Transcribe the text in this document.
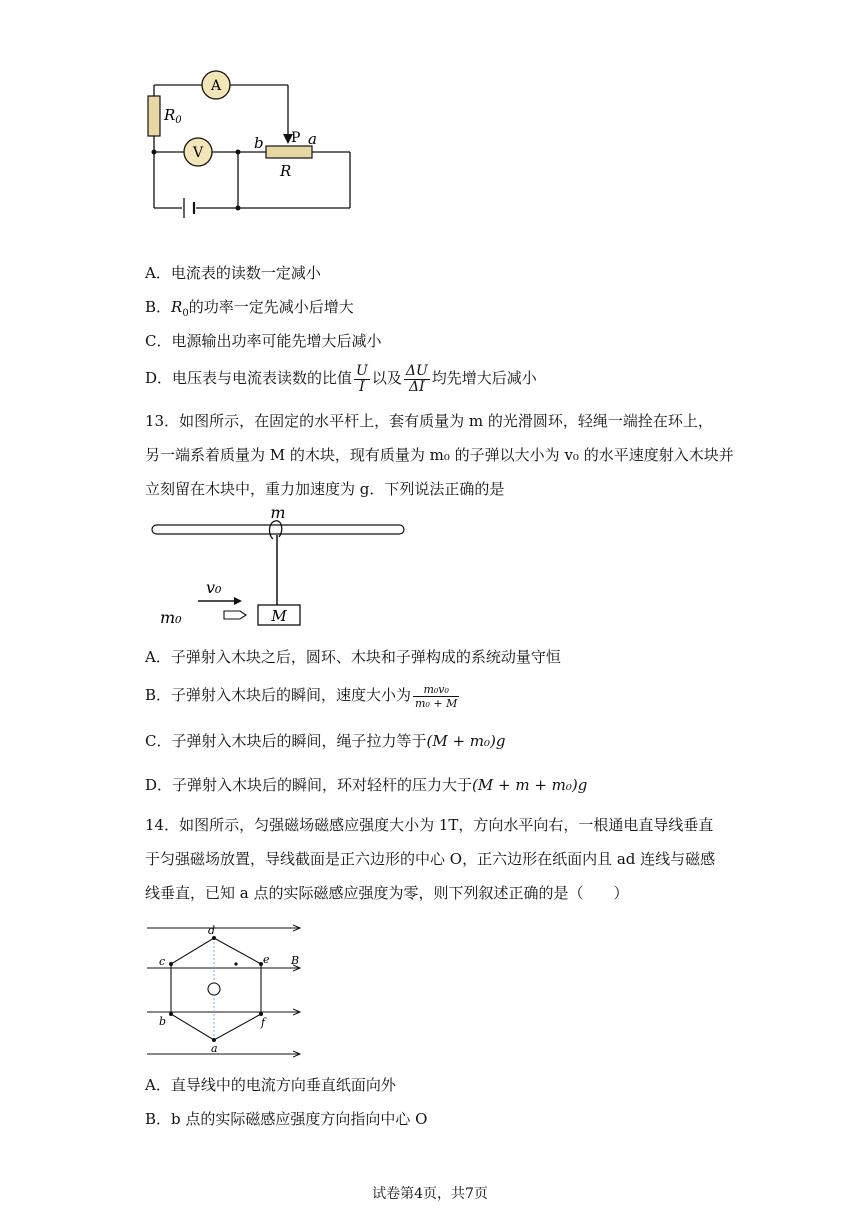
A
V
$R_0$
P
b	a
R
A．电流表的读数一定减小
B．$R_0$的功率一定先减小后增大
C．电源输出功率可能先增大后减小
D．电压表与电流表读数的比值 $\frac{U}{I}$ 以及 $\frac{\Delta U}{\Delta I}$ 均先增大后减小
13．如图所示，在固定的水平杆上，套有质量为 m 的光滑圆环，轻绳一端拴在环上，
另一端系着质量为 M 的木块，现有质量为 m₀ 的子弹以大小为 v₀ 的水平速度射入木块并
立刻留在木块中，重力加速度为 g．下列说法正确的是
M
m
v₀
m₀
A．子弹射入木块之后，圆环、木块和子弹构成的系统动量守恒
B．子弹射入木块后的瞬间，速度大小为 $\frac{\text{m₀v₀}}{\text{m₀ + M}}$
C．子弹射入木块后的瞬间，绳子拉力等于(M + m₀)g
D．子弹射入木块后的瞬间，环对轻杆的压力大于(M + m + m₀)g
14．如图所示，匀强磁场磁感应强度大小为 1T，方向水平向右，一根通电直导线垂直
于匀强磁场放置，导线截面是正六边形的中心 O，正六边形在纸面内且 ad 连线与磁感
线垂直，已知 a 点的实际磁感应强度为零，则下列叙述正确的是（　　）
d
c	e
b	f
a
B
A．直导线中的电流方向垂直纸面向外
B．b 点的实际磁感应强度方向指向中心 O
试卷第4页，共7页
